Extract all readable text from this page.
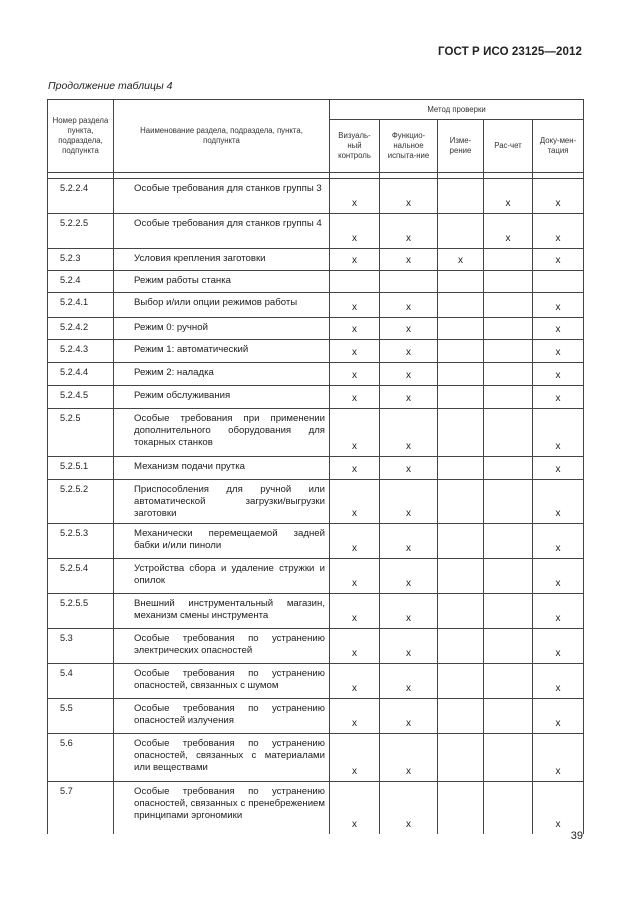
ГОСТ Р ИСО 23125—2012
Продолжение таблицы 4
Номер раздела пункта, подраздела, подпункта	Наименование раздела, подраздела, пункта, подпункта	Метод проверки				
		Визуаль-ный контроль	Функцио-нальное испыта-ние	Изме-рение	Рас-чет	Доку-мен-тация

5.2.2.4	Особые требования для станков группы 3	x	x		x	x
5.2.2.5	Особые требования для станков группы 4	x	x		x	x
5.2.3	Условия крепления заготовки	x	x	x		x
5.2.4	Режим работы станка					
5.2.4.1	Выбор и/или опции режимов работы	x	x			x
5.2.4.2	Режим 0: ручной	x	x			x
5.2.4.3	Режим 1: автоматический	x	x			x
5.2.4.4	Режим 2: наладка	x	x			x
5.2.4.5	Режим обслуживания	x	x			x
5.2.5	Особые требования при применении дополнительного оборудования для токарных станков	x	x			x
5.2.5.1	Механизм подачи прутка	x	x			x
5.2.5.2	Приспособления для ручной или автоматической загрузки/выгрузки заготовки	x	x			x
5.2.5.3	Механически перемещаемой задней бабки и/или пиноли	x	x			x
5.2.5.4	Устройства сбора и удаление стружки и опилок	x	x			x
5.2.5.5	Внешний инструментальный магазин, механизм смены инструмента	x	x			x
5.3	Особые требования по устранению электрических опасностей	x	x			x
5.4	Особые требования по устранению опасностей, связанных с шумом	x	x			x
5.5	Особые требования по устранению опасностей излучения	x	x			x
5.6	Особые требования по устранению опасностей, связанных с материалами или веществами	x	x			x
5.7	Особые требования по устранению опасностей, связанных с пренебрежением принципами эргономики	x	x			x
39
